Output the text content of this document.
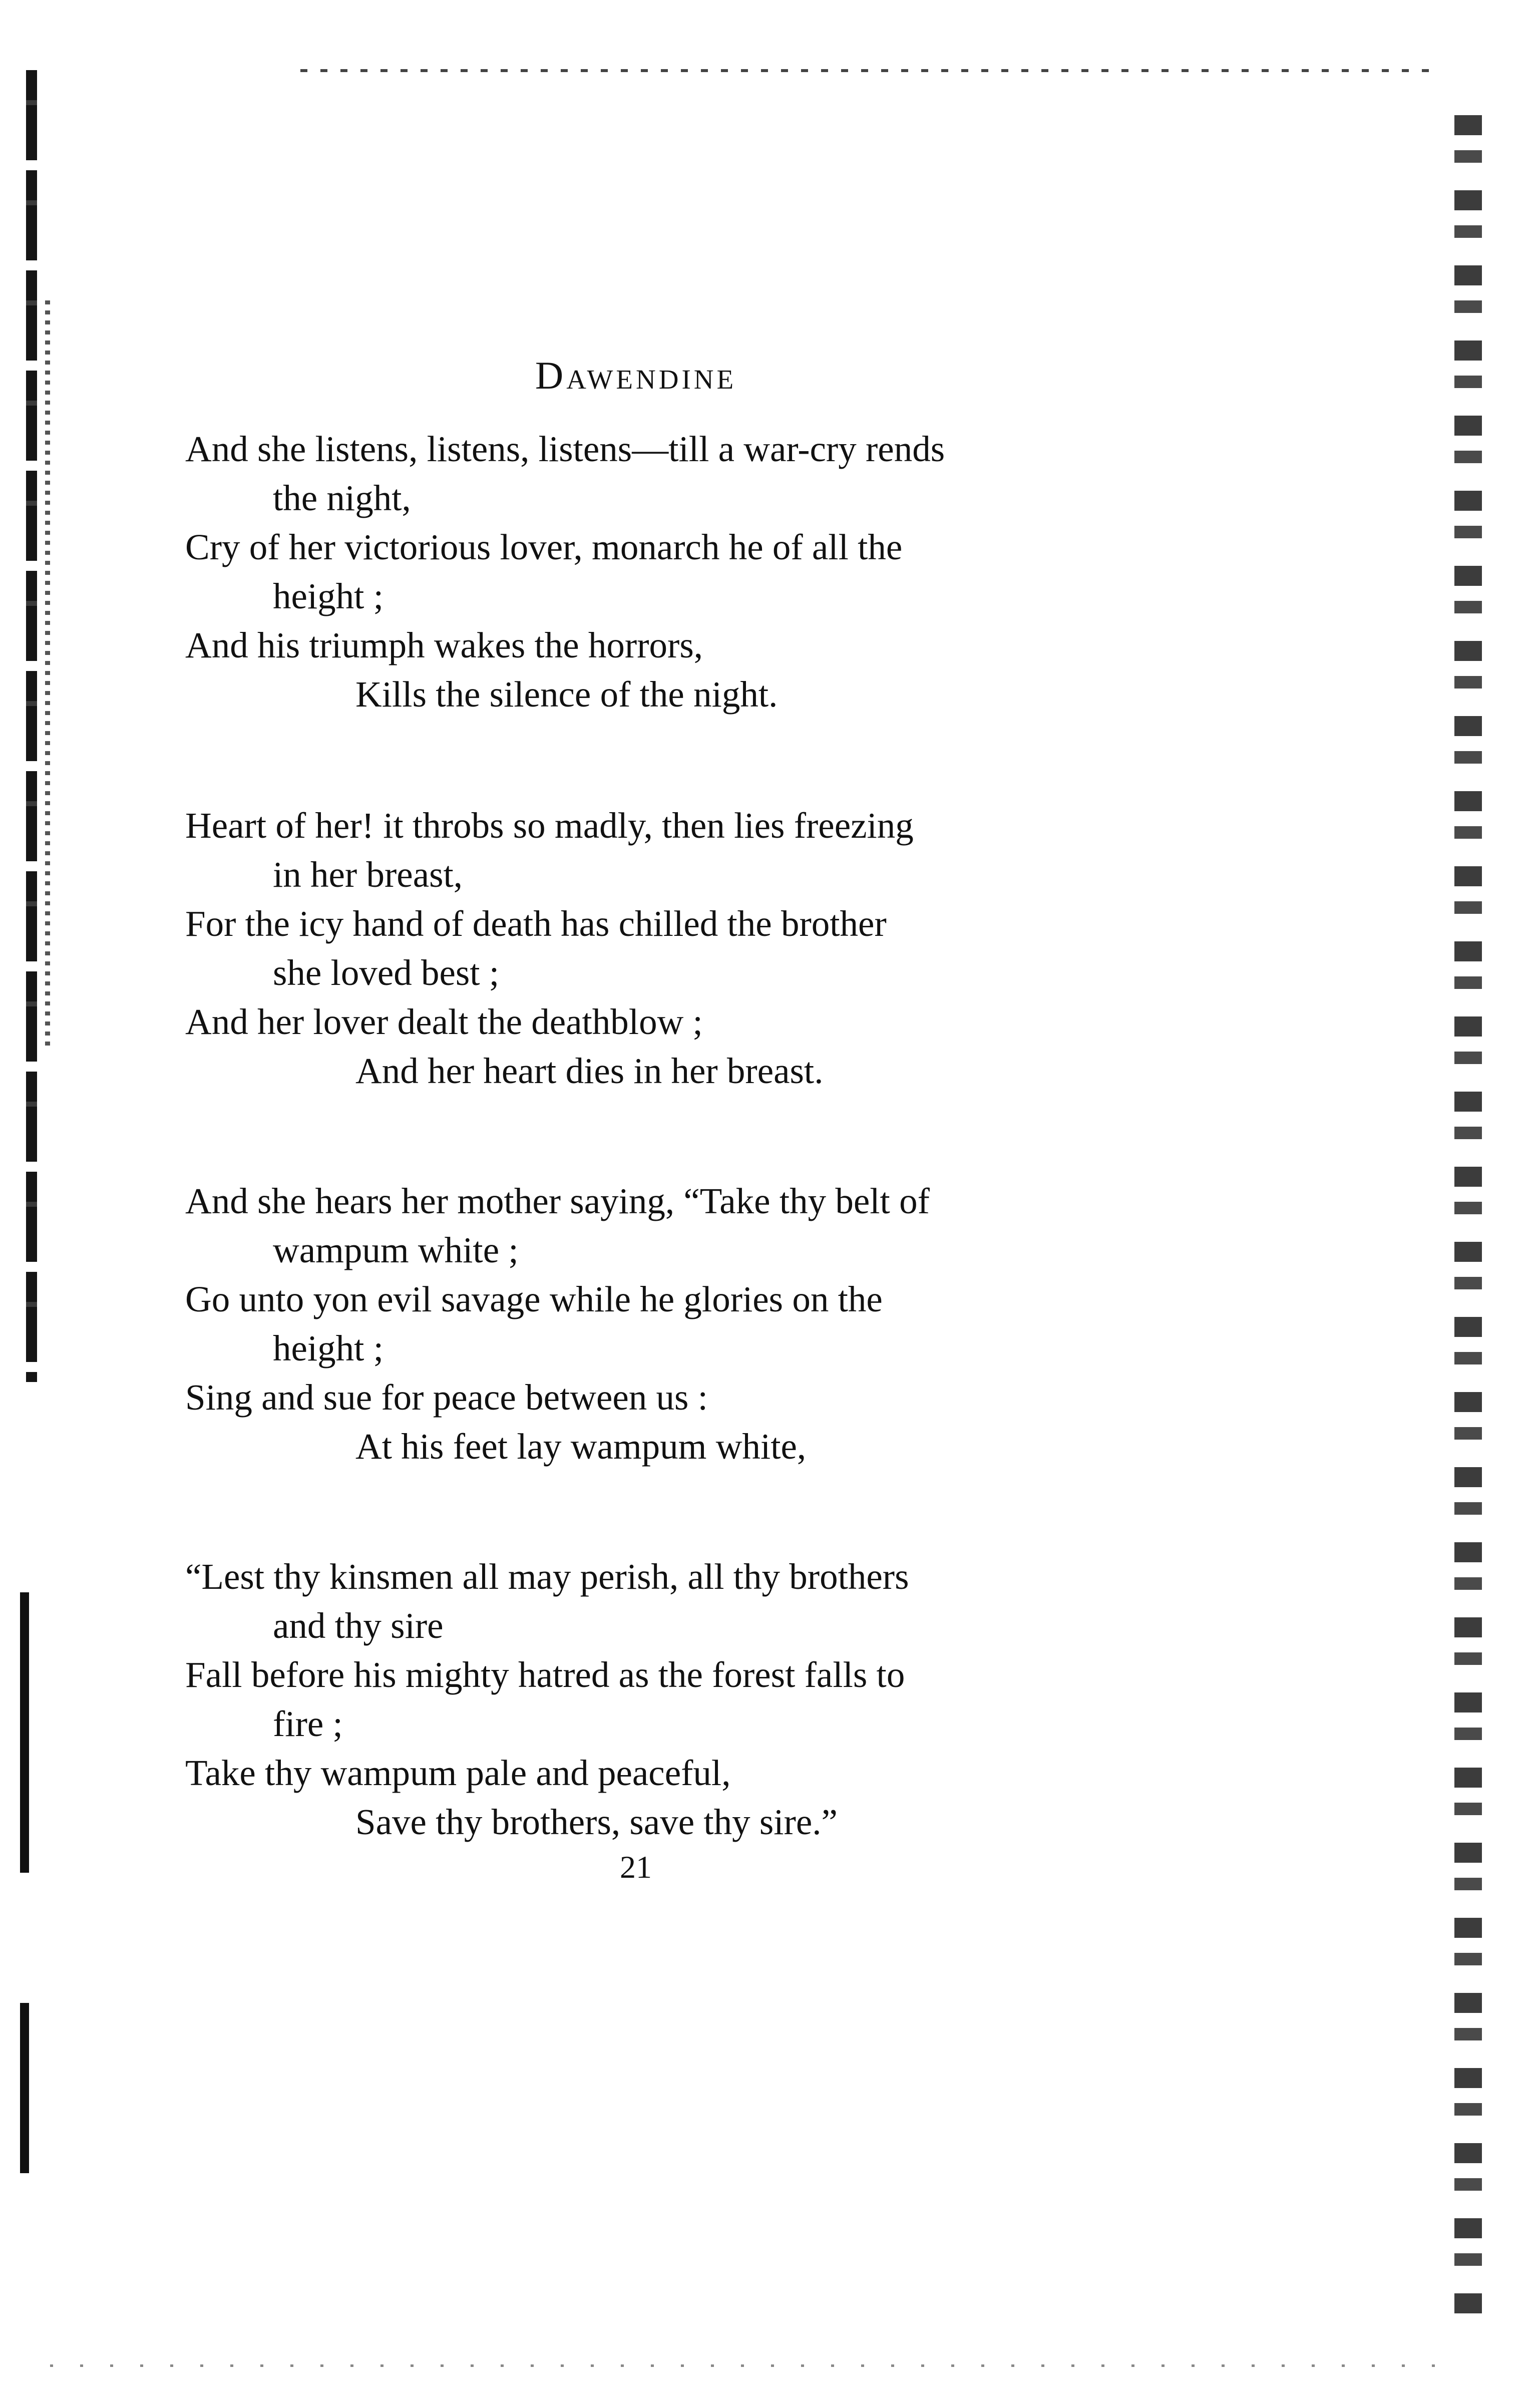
Dawendine
And she listens, listens, listens—till a war-cry rends
the night,
Cry of her victorious lover, monarch he of all the
height ;
And his triumph wakes the horrors,
Kills the silence of the night.
Heart of her! it throbs so madly, then lies freezing
in her breast,
For the icy hand of death has chilled the brother
she loved best ;
And her lover dealt the deathblow ;
And her heart dies in her breast.
And she hears her mother saying, “Take thy belt of
wampum white ;
Go unto yon evil savage while he glories on the
height ;
Sing and sue for peace between us :
At his feet lay wampum white,
“Lest thy kinsmen all may perish, all thy brothers
and thy sire
Fall before his mighty hatred as the forest falls to
fire ;
Take thy wampum pale and peaceful,
Save thy brothers, save thy sire.”
21
